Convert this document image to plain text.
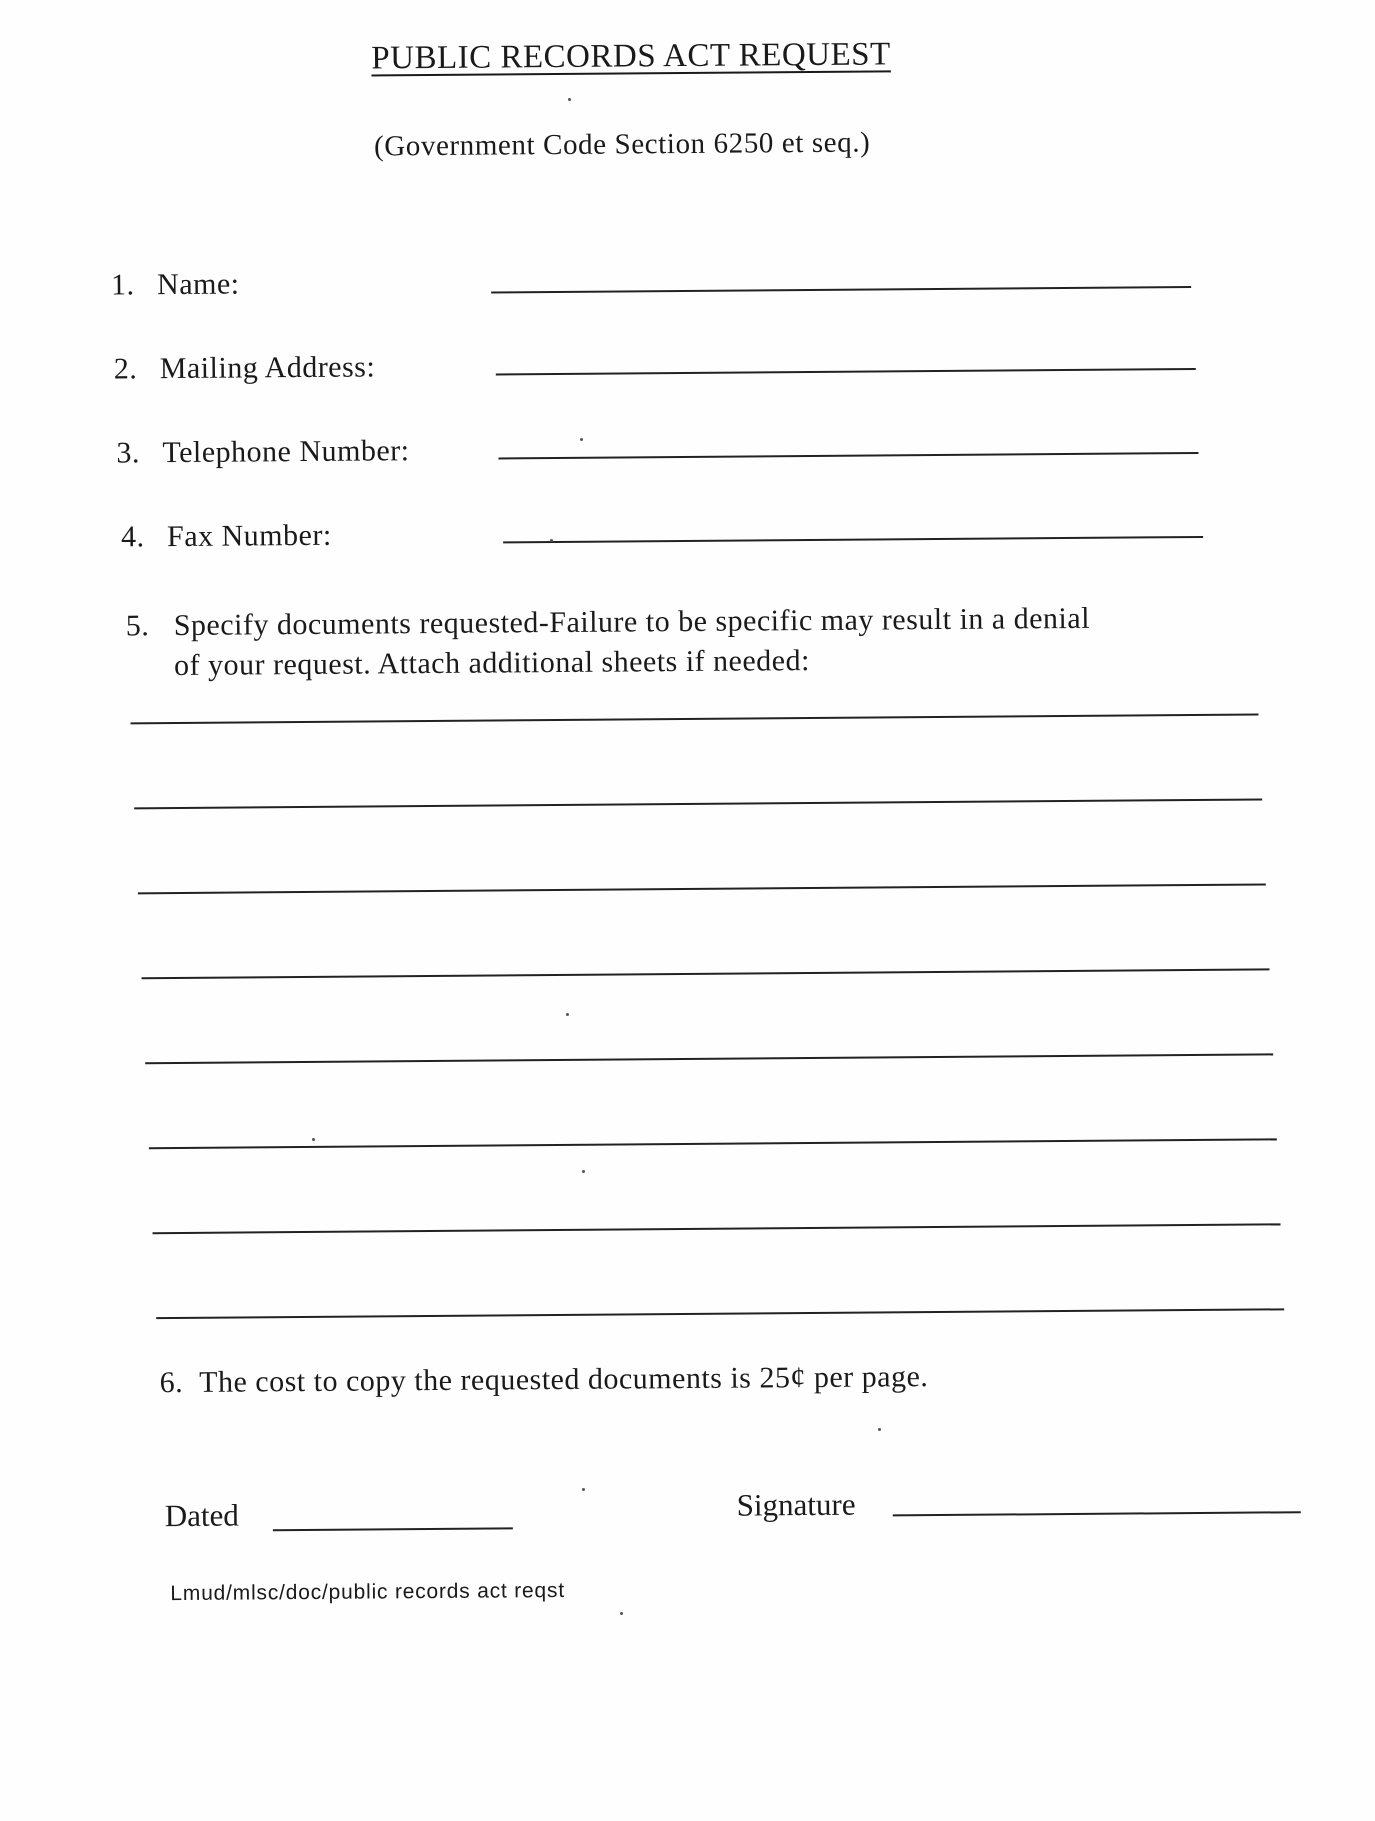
PUBLIC RECORDS ACT REQUEST
(Government Code Section 6250 et seq.)
1. Name:
2. Mailing Address:
3. Telephone Number:
4. Fax Number:
5. Specify documents requested-Failure to be specific may result in a denial
of your request. Attach additional sheets if needed:
6. The cost to copy the requested documents is 25¢ per page.
Dated	Signature
Lmud/mlsc/doc/public records act reqst
